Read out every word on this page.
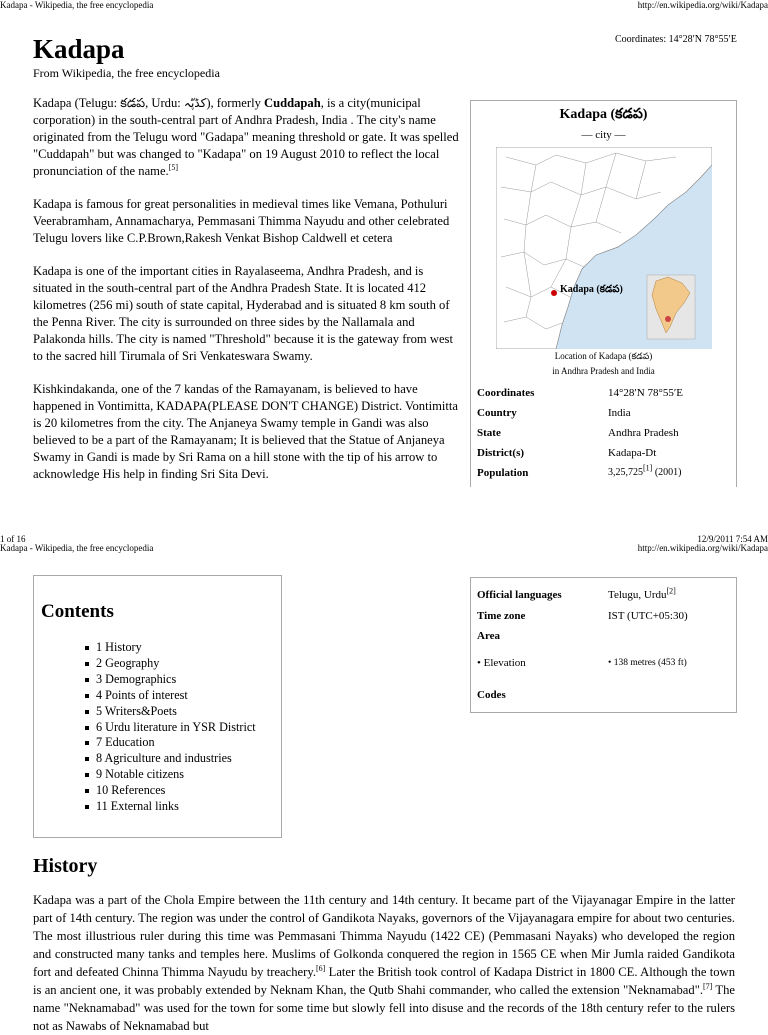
Kadapa - Wikipedia, the free encyclopedia	http://en.wikipedia.org/wiki/Kadapa
Kadapa
From Wikipedia, the free encyclopedia
Coordinates: 14°28′N 78°55′E

Kadapa (Telugu: కడప, Urdu: کڈپّہ), formerly Cuddapah, is a city(municipal corporation) in the south-central part of Andhra Pradesh, India . The city's name originated from the Telugu word "Gadapa" meaning threshold or gate. It was spelled "Cuddapah" but was changed to "Kadapa" on 19 August 2010 to reflect the local pronunciation of the name.[5]

Kadapa is famous for great personalities in medieval times like Vemana, Pothuluri Veerabramham, Annamacharya, Pemmasani Thimma Nayudu and other celebrated Telugu lovers like C.P.Brown,Rakesh Venkat Bishop Caldwell et cetera

Kadapa is one of the important cities in Rayalaseema, Andhra Pradesh, and is situated in the south-central part of the Andhra Pradesh State. It is located 412 kilometres (256 mi) south of state capital, Hyderabad and is situated 8 km south of the Penna River. The city is surrounded on three sides by the Nallamala and Palakonda hills. The city is named "Threshold" because it is the gateway from west to the sacred hill Tirumala of Sri Venkateswara Swamy.

Kishkindakanda, one of the 7 kandas of the Ramayanam, is believed to have happened in Vontimitta, KADAPA(PLEASE DON'T CHANGE) District. Vontimitta is 20 kilometres from the city. The Anjaneya Swamy temple in Gandi was also believed to be a part of the Ramayanam; It is believed that the Statue of Anjaneya Swamy in Gandi is made by Sri Rama on a hill stone with the tip of his arrow to acknowledge His help in finding Sri Sita Devi.

Kadapa (కడప)
— city —
Kadapa (కడప)
Location of Kadapa (కడప)
in Andhra Pradesh and India
Coordinates	14°28′N 78°55′E
Country	India
State	Andhra Pradesh
District(s)	Kadapa-Dt
Population	3,25,725[1] (2001)
1 of 16	12/9/2011 7:54 AM
Kadapa - Wikipedia, the free encyclopedia	http://en.wikipedia.org/wiki/Kadapa
Contents
1 History
2 Geography
3 Demographics
4 Points of interest
5 Writers&Poets
6 Urdu literature in YSR District
7 Education
8 Agriculture and industries
9 Notable citizens
10 References
11 External links
Official languages	Telugu, Urdu[2]
Time zone	IST (UTC+05:30)
Area
• Elevation	• 138 metres (453 ft)
Codes
History
Kadapa was a part of the Chola Empire between the 11th century and 14th century. It became part of the Vijayanagar Empire in the latter part of 14th century. The region was under the control of Gandikota Nayaks, governors of the Vijayanagara empire for about two centuries. The most illustrious ruler during this time was Pemmasani Thimma Nayudu (1422 CE) (Pemmasani Nayaks) who developed the region and constructed many tanks and temples here. Muslims of Golkonda conquered the region in 1565 CE when Mir Jumla raided Gandikota fort and defeated Chinna Thimma Nayudu by treachery.[6] Later the British took control of Kadapa District in 1800 CE. Although the town is an ancient one, it was probably extended by Neknam Khan, the Qutb Shahi commander, who called the extension "Neknamabad".[7] The name "Neknamabad" was used for the town for some time but slowly fell into disuse and the records of the 18th century refer to the rulers not as Nawabs of Neknamabad but
